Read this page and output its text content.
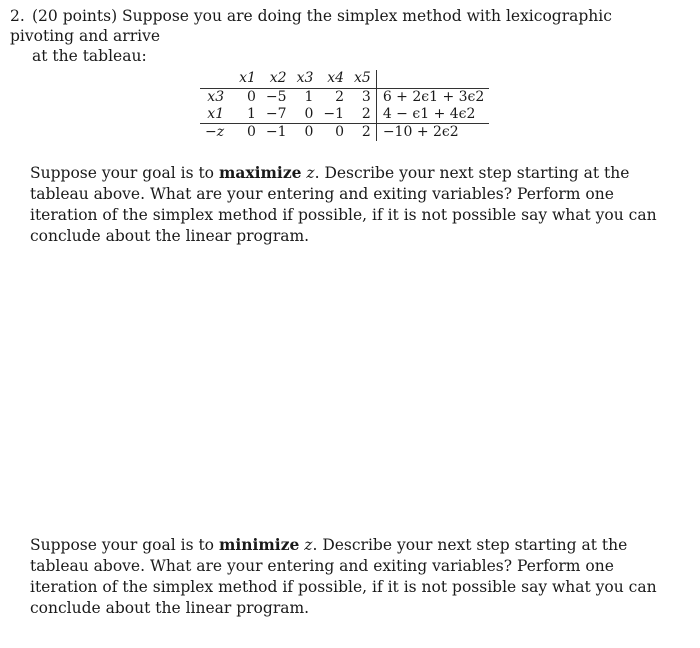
2. (20 points) Suppose you are doing the simplex method with lexicographic pivoting and arrive
at the tableau:
	x1	x2	x3	x4	x5	
x3	0	−5	1	2	3	6 + 2ϵ1 + 3ϵ2
x1	1	−7	0	−1	2	4 − ϵ1 + 4ϵ2
−z	0	−1	0	0	2	−10 + 2ϵ2
Suppose your goal is to maximize z. Describe your next step starting at the tableau above. What are your entering and exiting variables? Perform one iteration of the simplex method if possible, if it is not possible say what you can conclude about the linear program.
Suppose your goal is to minimize z. Describe your next step starting at the tableau above. What are your entering and exiting variables? Perform one iteration of the simplex method if possible, if it is not possible say what you can conclude about the linear program.
